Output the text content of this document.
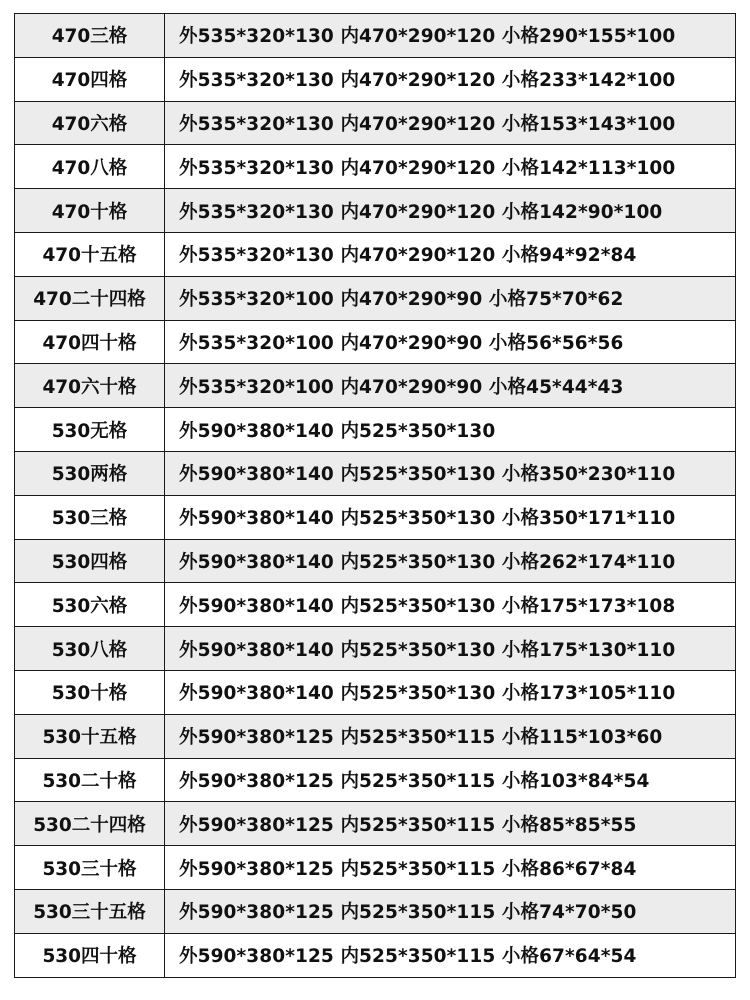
470三格	外535*320*130 内470*290*120 小格290*155*100
470四格	外535*320*130 内470*290*120 小格233*142*100
470六格	外535*320*130 内470*290*120 小格153*143*100
470八格	外535*320*130 内470*290*120 小格142*113*100
470十格	外535*320*130 内470*290*120 小格142*90*100
470十五格	外535*320*130 内470*290*120 小格94*92*84
470二十四格	外535*320*100 内470*290*90 小格75*70*62
470四十格	外535*320*100 内470*290*90 小格56*56*56
470六十格	外535*320*100 内470*290*90 小格45*44*43
530无格	外590*380*140 内525*350*130
530两格	外590*380*140 内525*350*130 小格350*230*110
530三格	外590*380*140 内525*350*130 小格350*171*110
530四格	外590*380*140 内525*350*130 小格262*174*110
530六格	外590*380*140 内525*350*130 小格175*173*108
530八格	外590*380*140 内525*350*130 小格175*130*110
530十格	外590*380*140 内525*350*130 小格173*105*110
530十五格	外590*380*125 内525*350*115 小格115*103*60
530二十格	外590*380*125 内525*350*115 小格103*84*54
530二十四格	外590*380*125 内525*350*115 小格85*85*55
530三十格	外590*380*125 内525*350*115 小格86*67*84
530三十五格	外590*380*125 内525*350*115 小格74*70*50
530四十格	外590*380*125 内525*350*115 小格67*64*54
